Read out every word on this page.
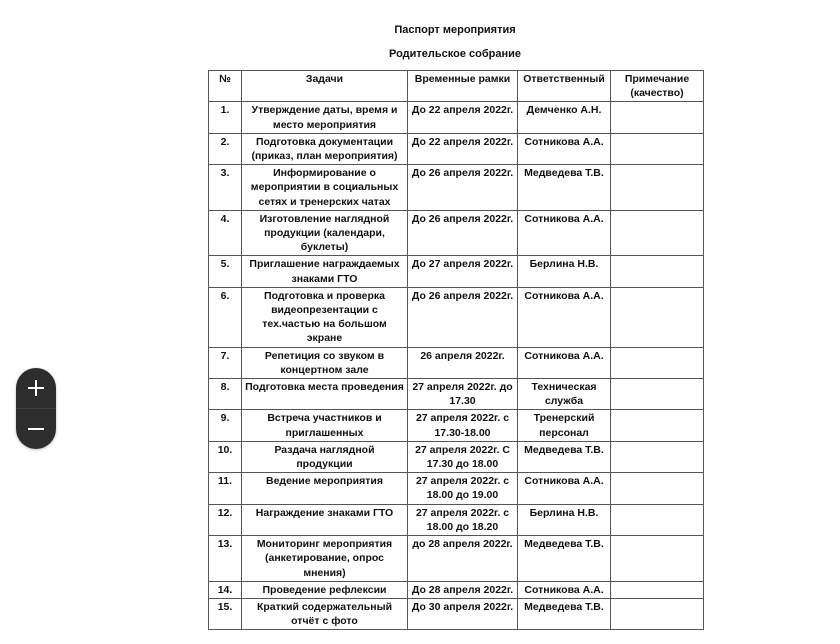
Паспорт мероприятия
Родительское собрание
№	Задачи	Временные рамки	Ответственный	Примечание (качество)
1.	Утверждение даты, время и место мероприятия	До 22 апреля 2022г.	Демченко А.Н.	
2.	Подготовка документации (приказ, план мероприятия)	До 22 апреля 2022г.	Сотникова А.А.	
3.	Информирование о мероприятии в социальных сетях и тренерских чатах	До 26 апреля 2022г.	Медведева Т.В.	
4.	Изготовление наглядной продукции (календари, буклеты)	До 26 апреля 2022г.	Сотникова А.А.	
5.	Приглашение награждаемых знаками ГТО	До 27 апреля 2022г.	Берлина Н.В.	
6.	Подготовка и проверка видеопрезентации с тех.частью на большом экране	До 26 апреля 2022г.	Сотникова А.А.	
7.	Репетиция со звуком в концертном зале	26 апреля 2022г.	Сотникова А.А.	
8.	Подготовка места проведения	27 апреля 2022г. до 17.30	Техническая служба	
9.	Встреча участников и приглашенных	27 апреля 2022г. с 17.30-18.00	Тренерский персонал	
10.	Раздача наглядной продукции	27 апреля 2022г. С 17.30 до 18.00	Медведева Т.В.	
11.	Ведение мероприятия	27 апреля 2022г. с 18.00 до 19.00	Сотникова А.А.	
12.	Награждение знаками ГТО	27 апреля 2022г. с 18.00 до 18.20	Берлина Н.В.	
13.	Мониторинг мероприятия (анкетирование, опрос мнения)	до 28 апреля 2022г.	Медведева Т.В.	
14.	Проведение рефлексии	До 28 апреля 2022г.	Сотникова А.А.	
15.	Краткий содержательный отчёт с фото	До 30 апреля 2022г.	Медведева Т.В.	
